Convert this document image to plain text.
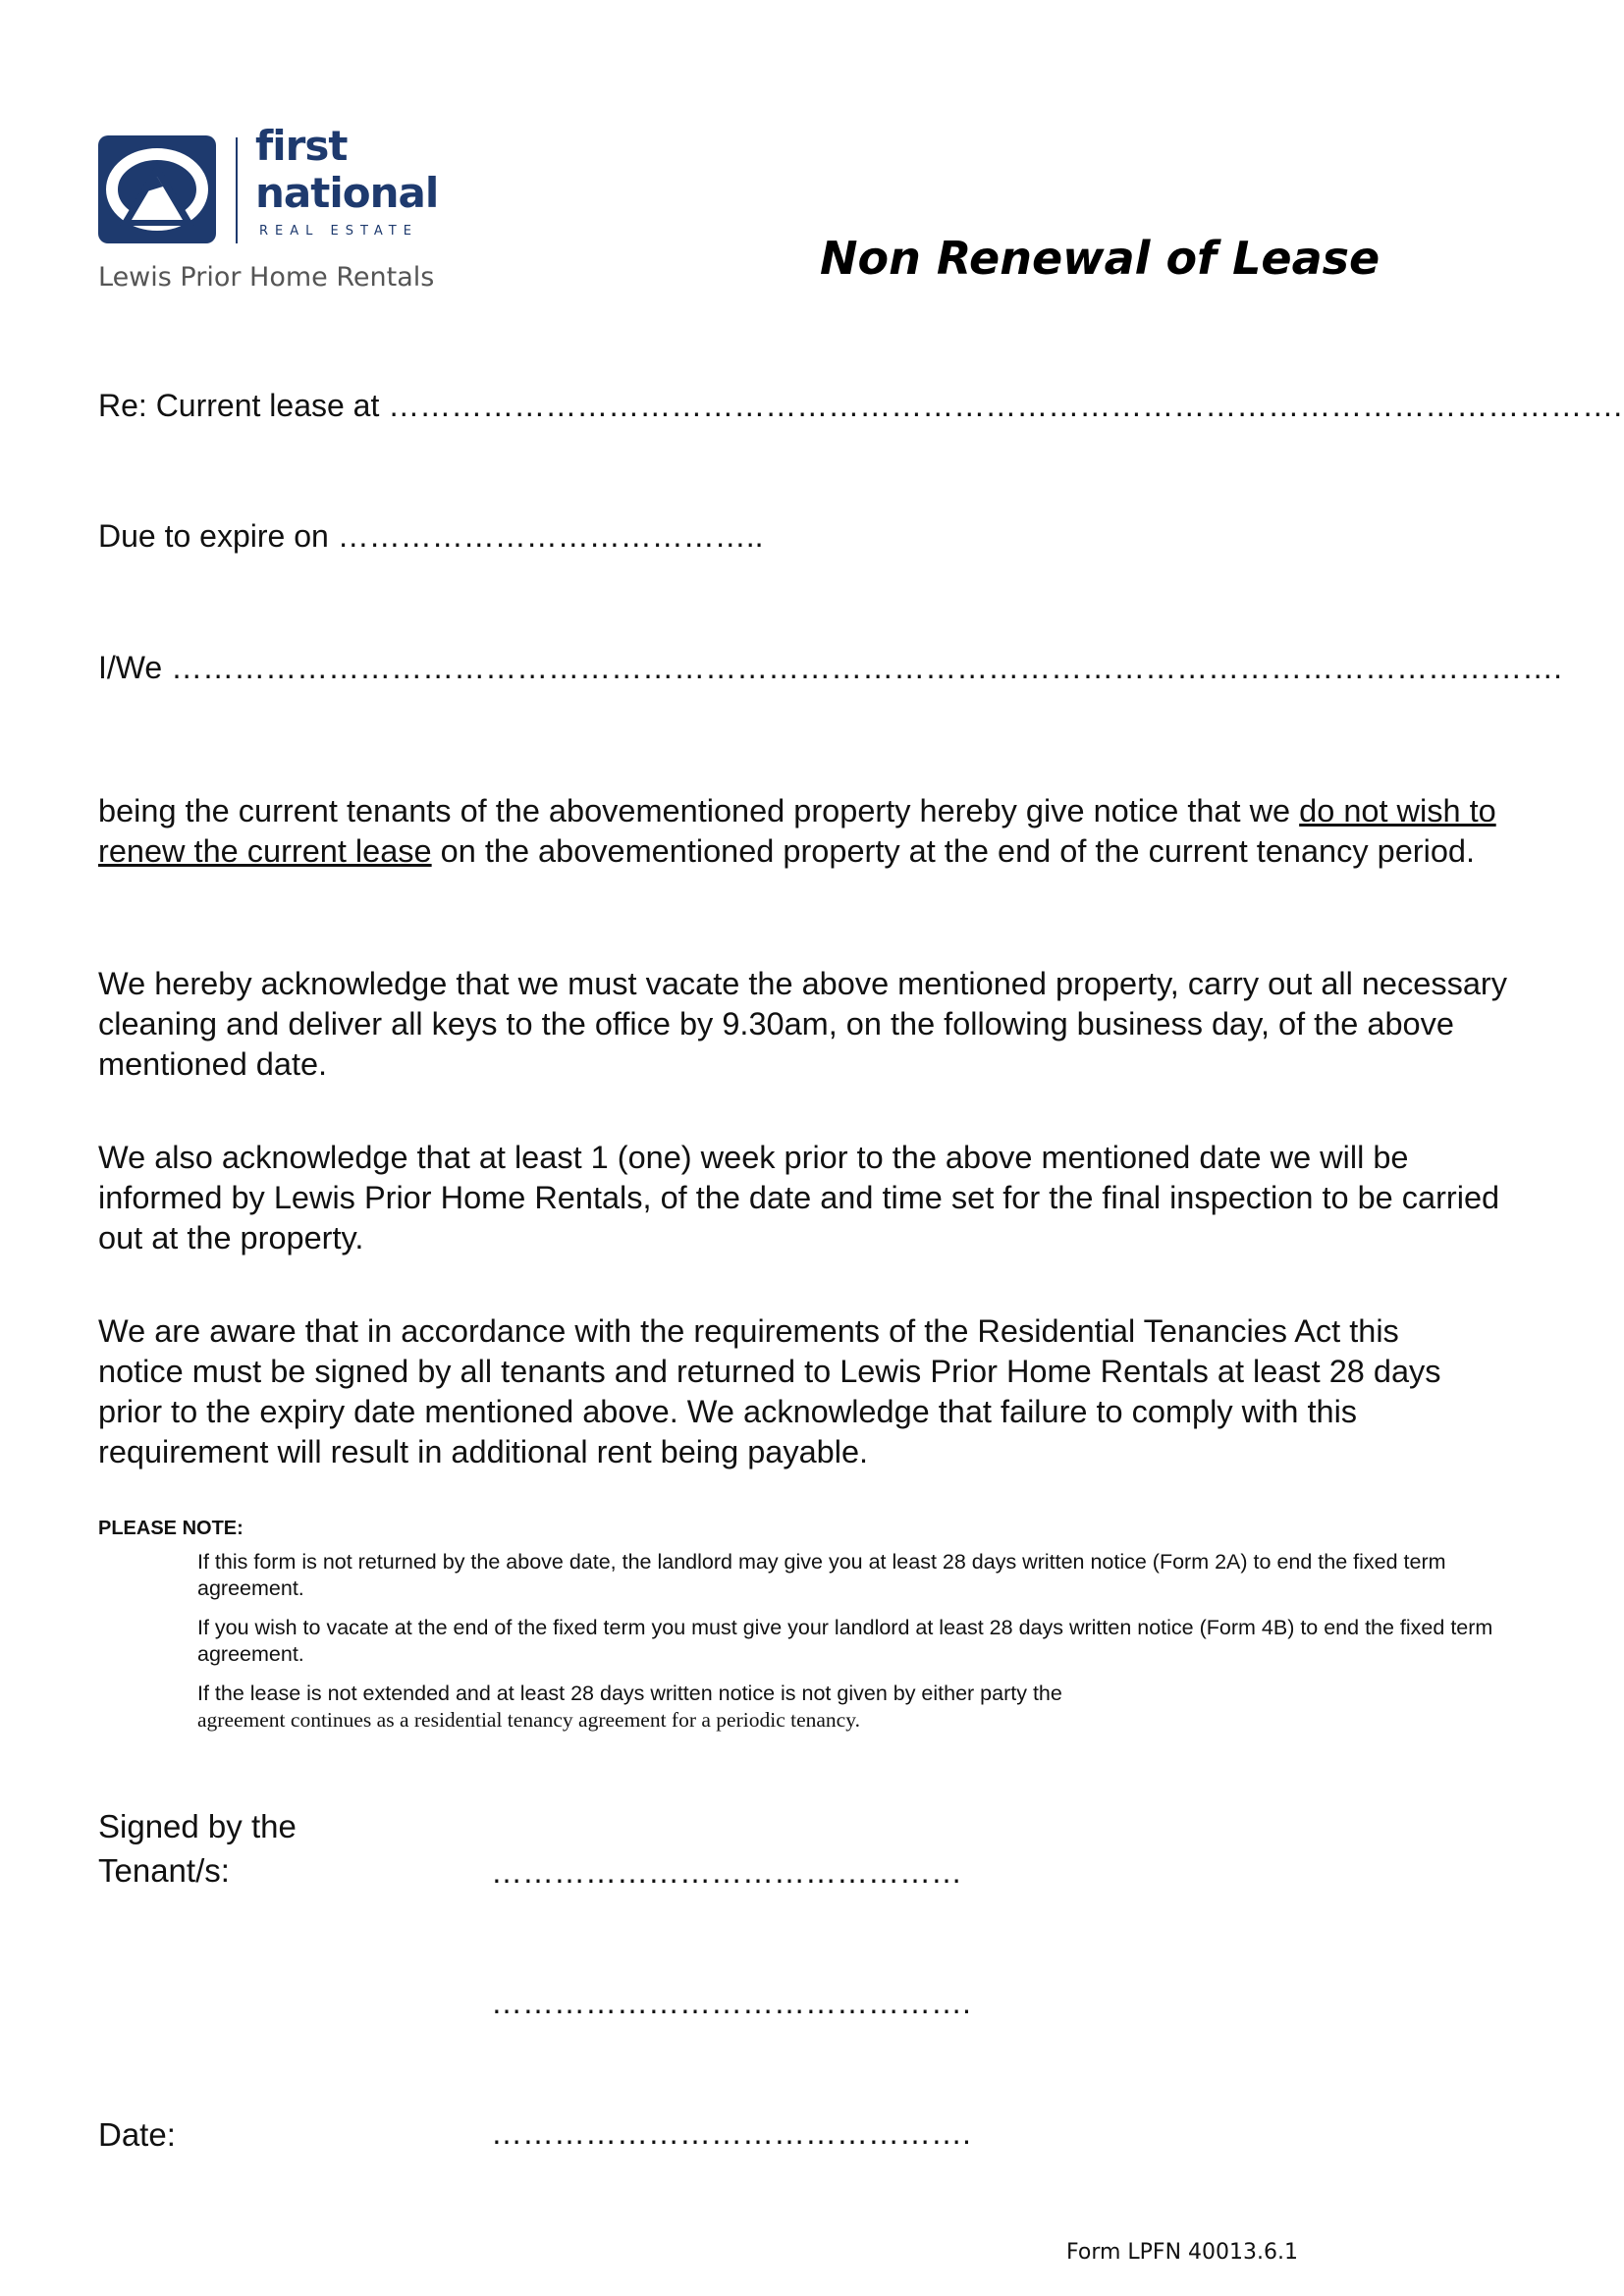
first
national
REAL ESTATE
Lewis Prior Home Rentals	Non Renewal of Lease
Re: Current lease at ……………………………………………………………………………………………………….
Due to expire on …………………………………..
I/We …………………………………………………………………………………………………………………….
being the current tenants of the abovementioned property hereby give notice that we do not wish to renew the current lease on the abovementioned property at the end of the current tenancy period.
We hereby acknowledge that we must vacate the above mentioned property, carry out all necessary cleaning and deliver all keys to the office by 9.30am, on the following business day, of the above mentioned date.
We also acknowledge that at least 1 (one) week prior to the above mentioned date we will be informed by Lewis Prior Home Rentals, of the date and time set for the final inspection to be carried out at the property.
We are aware that in accordance with the requirements of the Residential Tenancies Act this notice must be signed by all tenants and returned to Lewis Prior Home Rentals at least 28 days prior to the expiry date mentioned above. We acknowledge that failure to comply with this requirement will result in additional rent being payable.
PLEASE NOTE:
If this form is not returned by the above date, the landlord may give you at least 28 days written notice (Form 2A) to end the fixed term agreement.
If you wish to vacate at the end of the fixed term you must give your landlord at least 28 days written notice (Form 4B) to end the fixed term agreement.
If the lease is not extended and at least 28 days written notice is not given by either party the
agreement continues as a residential tenancy agreement for a periodic tenancy.
Signed by the
Tenant/s:	………………………………………
……………………………………….
Date:	……………………………………….
Form LPFN 40013.6.1
